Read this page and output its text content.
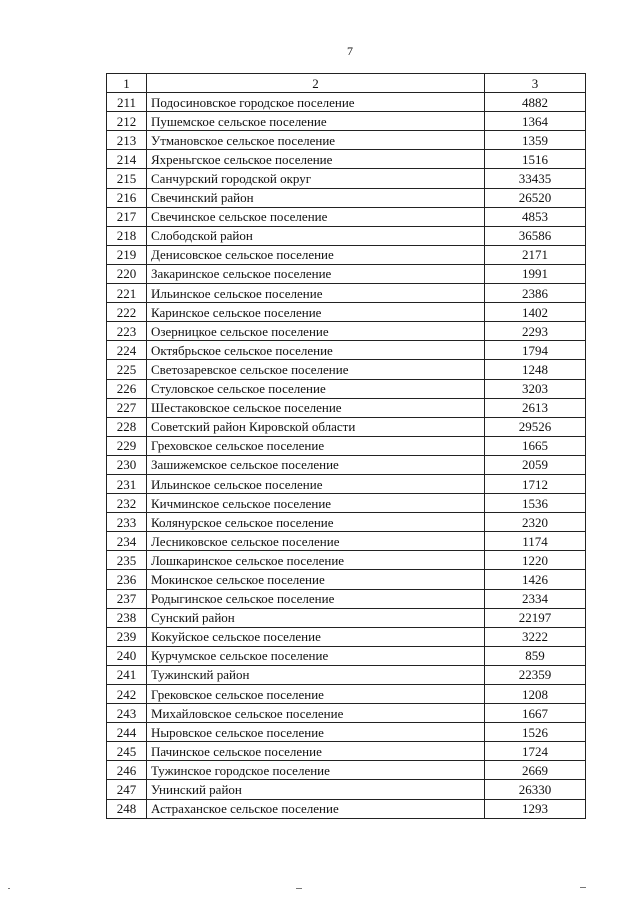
7
1	2	3
211	Подосиновское городское поселение	4882
212	Пушемское сельское поселение	1364
213	Утмановское сельское поселение	1359
214	Яхреньгское сельское поселение	1516
215	Санчурский городской округ	33435
216	Свечинский район	26520
217	Свечинское сельское поселение	4853
218	Слободской район	36586
219	Денисовское сельское поселение	2171
220	Закаринское сельское поселение	1991
221	Ильинское сельское поселение	2386
222	Каринское сельское поселение	1402
223	Озерницкое сельское поселение	2293
224	Октябрьское сельское поселение	1794
225	Светозаревское сельское поселение	1248
226	Стуловское сельское поселение	3203
227	Шестаковское сельское поселение	2613
228	Советский район Кировской области	29526
229	Греховское сельское поселение	1665
230	Зашижемское сельское поселение	2059
231	Ильинское сельское поселение	1712
232	Кичминское сельское поселение	1536
233	Колянурское сельское поселение	2320
234	Лесниковское сельское поселение	1174
235	Лошкаринское сельское поселение	1220
236	Мокинское сельское поселение	1426
237	Родыгинское сельское поселение	2334
238	Сунский район	22197
239	Кокуйское сельское поселение	3222
240	Курчумское сельское поселение	859
241	Тужинский район	22359
242	Грековское сельское поселение	1208
243	Михайловское сельское поселение	1667
244	Ныровское сельское поселение	1526
245	Пачинское сельское поселение	1724
246	Тужинское городское поселение	2669
247	Унинский район	26330
248	Астраханское сельское поселение	1293
